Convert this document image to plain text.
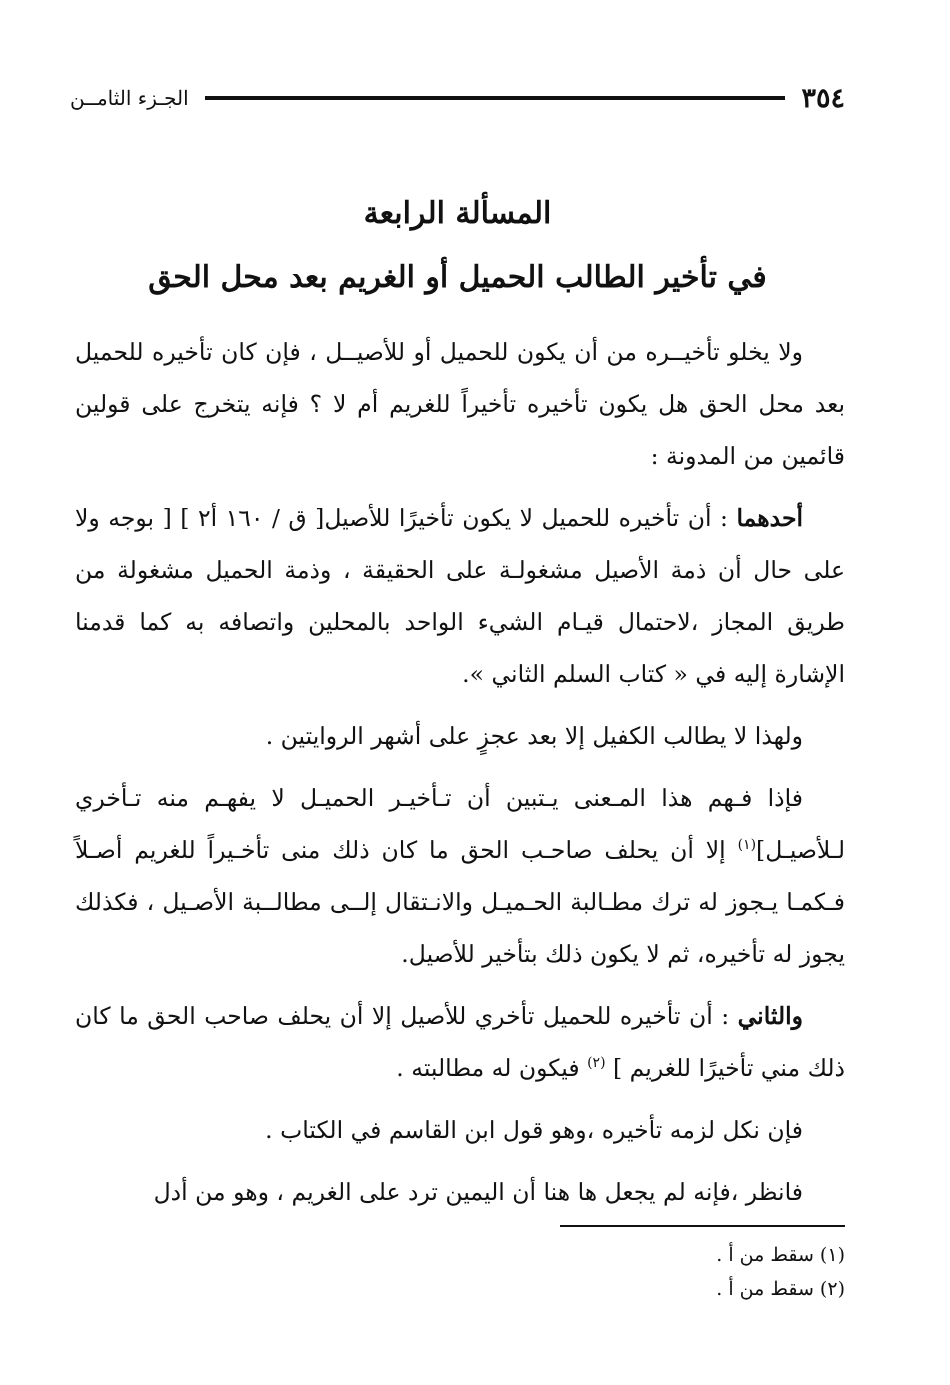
٣٥٤
الجـزء الثامــن
المسألة الرابعة
في تأخير الطالب الحميل أو الغريم بعد محل الحق

ولا يخلو تأخيــره من أن يكون للحميل أو للأصيــل ، فإن كان تأخيره للحميل بعد محل الحق هل يكون تأخيره تأخيراً للغريم أم لا ؟ فإنه يتخرج على قولين قائمين من المدونة :

أحدهما : أن تأخيره للحميل لا يكون تأخيرًا للأصيل[ ق / ١٦٠ أ٢ ] [ بوجه ولا على حال أن ذمة الأصيل مشغولـة على الحقيقة ، وذمة الحميل مشغولة من طريق المجاز ،لاحتمال قيـام الشيء الواحد بالمحلين واتصافه به كما قدمنا الإشارة إليه في « كتاب السلم الثاني ».

ولهذا لا يطالب الكفيل إلا بعد عجزٍ على أشهر الروايتين .

فإذا فـهم هذا المـعنى يـتبين أن تـأخيـر الحميـل لا يفهـم منه تـأخري لـلأصيـل]$^{(١)}$ إلا أن يحلف صاحـب الحق ما كان ذلك منى تأخـيراً للغريم أصـلاً فـكمـا يـجوز له ترك مطـالبة الحـميـل والانـتقال إلــى مطالــبة الأصـيل ، فكذلك يجوز له تأخيره، ثم لا يكون ذلك بتأخير للأصيل.

والثاني : أن تأخيره للحميل تأخري للأصيل إلا أن يحلف صاحب الحق ما كان ذلك مني تأخيرًا للغريم ] $^{(٢)}$ فيكون له مطالبته .

فإن نكل لزمه تأخيره ،وهو قول ابن القاسم في الكتاب .

فانظر ،فإنه لم يجعل ها هنا أن اليمين ترد على الغريم ، وهو من أدل

(١) سقط من أ .
(٢) سقط من أ .
